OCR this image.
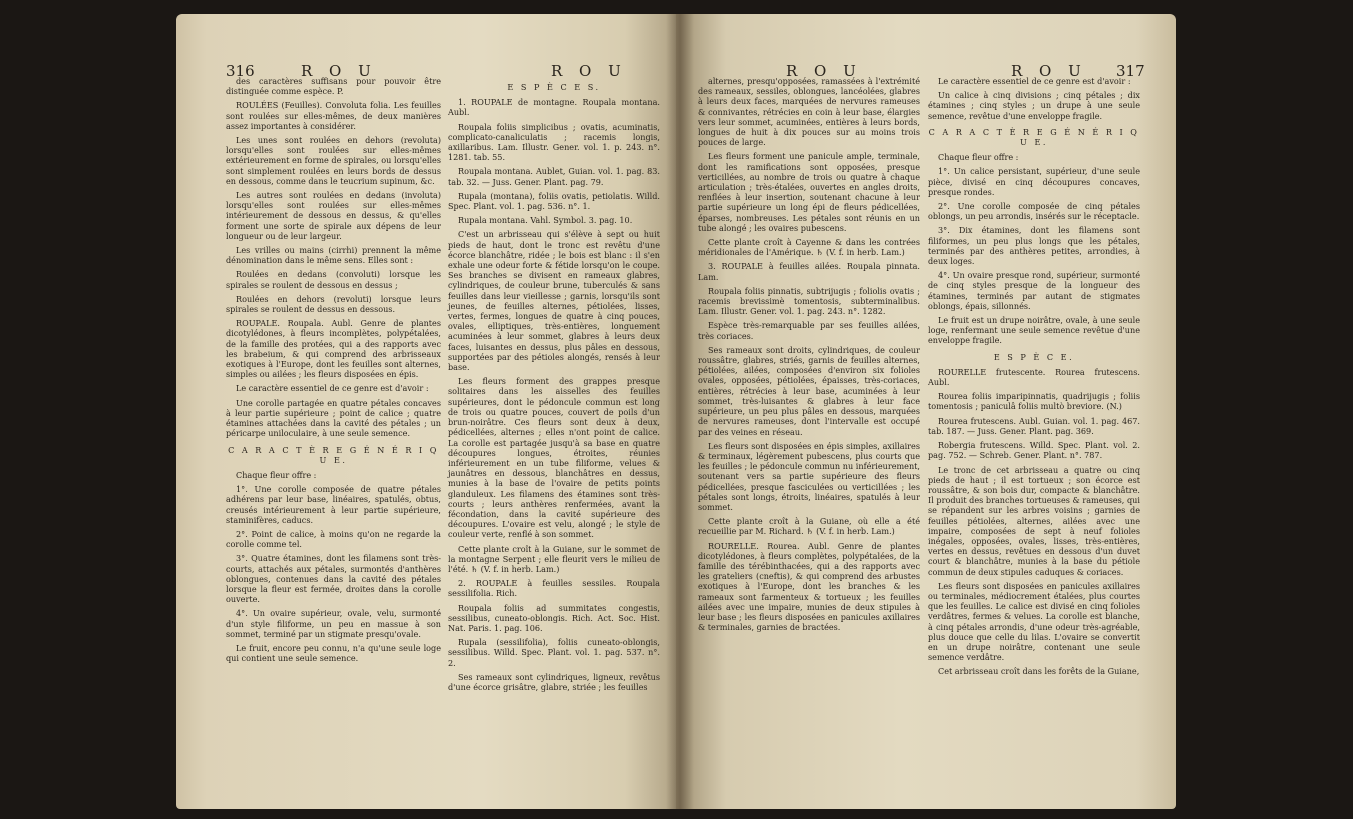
316	R O U	R O U

des caractères suffisans pour pouvoir être distinguée comme espèce. P.

ROULÉES (Feuilles). Convoluta folia. Les feuilles sont roulées sur elles-mêmes, de deux manières assez importantes à considérer.

Les unes sont roulées en dehors (revoluta) lorsqu'elles sont roulées sur elles-mêmes extérieurement en forme de spirales, ou lorsqu'elles sont simplement roulées en leurs bords de dessus en dessous, comme dans le teucrium supinum, &c.

Les autres sont roulées en dedans (involuta) lorsqu'elles sont roulées sur elles-mêmes intérieurement de dessous en dessus, & qu'elles forment une sorte de spirale aux dépens de leur longueur ou de leur largeur.

Les vrilles ou mains (cirrhi) prennent la même dénomination dans le même sens. Elles sont :

Roulées en dedans (convoluti) lorsque les spirales se roulent de dessous en dessus ;

Roulées en dehors (revoluti) lorsque leurs spirales se roulent de dessus en dessous.

ROUPALE. Roupala. Aubl. Genre de plantes dicotylédones, à fleurs incomplètes, polypétalées, de la famille des protées, qui a des rapports avec les brabeium, & qui comprend des arbrisseaux exotiques à l'Europe, dont les feuilles sont alternes, simples ou ailées ; les fleurs disposées en épis.

Le caractère essentiel de ce genre est d'avoir :

Une corolle partagée en quatre pétales concaves à leur partie supérieure ; point de calice ; quatre étamines attachées dans la cavité des pétales ; un péricarpe uniloculaire, à une seule semence.

C A R A C T È R E G É N É R I Q U E.

Chaque fleur offre :

1°. Une corolle composée de quatre pétales adhérens par leur base, linéaires, spatulés, obtus, creusés intérieurement à leur partie supérieure, staminifères, caducs.

2°. Point de calice, à moins qu'on ne regarde la corolle comme tel.

3°. Quatre étamines, dont les filamens sont très-courts, attachés aux pétales, surmontés d'anthères oblongues, contenues dans la cavité des pétales lorsque la fleur est fermée, droites dans la corolle ouverte.

4°. Un ovaire supérieur, ovale, velu, surmonté d'un style filiforme, un peu en massue à son sommet, terminé par un stigmate presqu'ovale.

Le fruit, encore peu connu, n'a qu'une seule loge qui contient une seule semence.

E S P È C E S.

1. ROUPALE de montagne. Roupala montana. Aubl.

Roupala foliis simplicibus ; ovatis, acuminatis, complicato-canaliculatis ; racemis longis, axillaribus. Lam. Illustr. Gener. vol. 1. p. 243. n°. 1281. tab. 55.

Roupala montana. Aublet, Guian. vol. 1. pag. 83. tab. 32. — Juss. Gener. Plant. pag. 79.

Rupala (montana), foliis ovatis, petiolatis. Willd. Spec. Plant. vol. 1. pag. 536. n°. 1.

Rupala montana. Vahl. Symbol. 3. pag. 10.

C'est un arbrisseau qui s'élève à sept ou huit pieds de haut, dont le tronc est revêtu d'une écorce blanchâtre, ridée ; le bois est blanc : il s'en exhale une odeur forte & fétide lorsqu'on le coupe. Ses branches se divisent en rameaux glabres, cylindriques, de couleur brune, tuberculés & sans feuilles dans leur vieillesse ; garnis, lorsqu'ils sont jeunes, de feuilles alternes, pétiolées, lisses, vertes, fermes, longues de quatre à cinq pouces, ovales, elliptiques, très-entières, longuement acuminées à leur sommet, glabres à leurs deux faces, luisantes en dessus, plus pâles en dessous, supportées par des pétioles alongés, rensés à leur base.

Les fleurs forment des grappes presque solitaires dans les aisselles des feuilles supérieures, dont le pédoncule commun est long de trois ou quatre pouces, couvert de poils d'un brun-noirâtre. Ces fleurs sont deux à deux, pédicellées, alternes ; elles n'ont point de calice. La corolle est partagée jusqu'à sa base en quatre découpures longues, étroites, réunies inférieurement en un tube filiforme, velues & jaunâtres en dessous, blanchâtres en dessus, munies à la base de l'ovaire de petits points glanduleux. Les filamens des étamines sont très-courts ; leurs anthères renfermées, avant la fécondation, dans la cavité supérieure des découpures. L'ovaire est velu, alongé ; le style de couleur verte, renflé à son sommet.

Cette plante croît à la Guiane, sur le sommet de la montagne Serpent ; elle fleurit vers le milieu de l'été. ♄ (V. f. in herb. Lam.)

2. ROUPALE à feuilles sessiles. Roupala sessilifolia. Rich.

Roupala foliis ad summitates congestis, sessilibus, cuneato-oblongis. Rich. Act. Soc. Hist. Nat. Paris. 1. pag. 106.

Rupala (sessilifolia), foliis cuneato-oblongis, sessilibus. Willd. Spec. Plant. vol. 1. pag. 537. n°. 2.

Ses rameaux sont cylindriques, ligneux, revêtus d'une écorce grisâtre, glabre, striée ; les feuilles

R O U	R O U 317

alternes, presqu'opposées, ramassées à l'extrémité des rameaux, sessiles, oblongues, lancéolées, glabres à leurs deux faces, marquées de nervures rameuses & connivantes, rétrécies en coin à leur base, élargies vers leur sommet, acuminées, entières à leurs bords, longues de huit à dix pouces sur au moins trois pouces de large.

Les fleurs forment une panicule ample, terminale, dont les ramifications sont opposées, presque verticillées, au nombre de trois ou quatre à chaque articulation ; très-étalées, ouvertes en angles droits, renflées à leur insertion, soutenant chacune à leur partie supérieure un long épi de fleurs pédicellées, éparses, nombreuses. Les pétales sont réunis en un tube alongé ; les ovaires pubescens.

Cette plante croît à Cayenne & dans les contrées méridionales de l'Amérique. ♄ (V. f. in herb. Lam.)

3. ROUPALE à feuilles ailées. Roupala pinnata. Lam.

Roupala foliis pinnatis, subtrijugis ; foliolis ovatis ; racemis brevissimè tomentosis, subterminalibus. Lam. Illustr. Gener. vol. 1. pag. 243. n°. 1282.

Espèce très-remarquable par ses feuilles ailées, très coriaces.

Ses rameaux sont droits, cylindriques, de couleur roussâtre, glabres, striés, garnis de feuilles alternes, pétiolées, ailées, composées d'environ six folioles ovales, opposées, pétiolées, épaisses, très-coriaces, entières, rétrécies à leur base, acuminées à leur sommet, très-luisantes & glabres à leur face supérieure, un peu plus pâles en dessous, marquées de nervures rameuses, dont l'intervalle est occupé par des veines en réseau.

Les fleurs sont disposées en épis simples, axillaires & terminaux, légèrement pubescens, plus courts que les feuilles ; le pédoncule commun nu inférieurement, soutenant vers sa partie supérieure des fleurs pédicellées, presque fasciculées ou verticillées ; les pétales sont longs, étroits, linéaires, spatulés à leur sommet.

Cette plante croît à la Guiane, où elle a été recueillie par M. Richard. ♄ (V. f. in herb. Lam.)

ROURELLE. Rourea. Aubl. Genre de plantes dicotylédones, à fleurs complètes, polypétalées, de la famille des térébinthacées, qui a des rapports avec les grateliers (cneftis), & qui comprend des arbustes exotiques à l'Europe, dont les branches & les rameaux sont farmenteux & tortueux ; les feuilles ailées avec une impaire, munies de deux stipules à leur base ; les fleurs disposées en panicules axillaires & terminales, garnies de bractées.

Le caractère essentiel de ce genre est d'avoir :

Un calice à cinq divisions ; cinq pétales ; dix étamines ; cinq styles ; un drupe à une seule semence, revêtue d'une enveloppe fragile.

C A R A C T È R E G É N É R I Q U E.

Chaque fleur offre :

1°. Un calice persistant, supérieur, d'une seule pièce, divisé en cinq découpures concaves, presque rondes.

2°. Une corolle composée de cinq pétales oblongs, un peu arrondis, insérés sur le réceptacle.

3°. Dix étamines, dont les filamens sont filiformes, un peu plus longs que les pétales, terminés par des anthères petites, arrondies, à deux loges.

4°. Un ovaire presque rond, supérieur, surmonté de cinq styles presque de la longueur des étamines, terminés par autant de stigmates oblongs, épais, sillonnés.

Le fruit est un drupe noirâtre, ovale, à une seule loge, renfermant une seule semence revêtue d'une enveloppe fragile.

E S P È C E.

ROURELLE frutescente. Rourea frutescens. Aubl.

Rourea foliis imparipinnatis, quadrijugis ; foliis tomentosis ; paniculâ foliis multò breviore. (N.)

Rourea frutescens. Aubl. Guian. vol. 1. pag. 467. tab. 187. — Juss. Gener. Plant. pag. 369.

Robergia frutescens. Willd. Spec. Plant. vol. 2. pag. 752. — Schreb. Gener. Plant. n°. 787.

Le tronc de cet arbrisseau a quatre ou cinq pieds de haut ; il est tortueux ; son écorce est roussâtre, & son bois dur, compacte & blanchâtre. Il produit des branches tortueuses & rameuses, qui se répandent sur les arbres voisins ; garnies de feuilles pétiolées, alternes, ailées avec une impaire, composées de sept à neuf folioles inégales, opposées, ovales, lisses, très-entières, vertes en dessus, revêtues en dessous d'un duvet court & blanchâtre, munies à la base du pétiole commun de deux stipules caduques & coriaces.

Les fleurs sont disposées en panicules axillaires ou terminales, médiocrement étalées, plus courtes que les feuilles. Le calice est divisé en cinq folioles verdâtres, fermes & velues. La corolle est blanche, à cinq pétales arrondis, d'une odeur très-agréable, plus douce que celle du lilas. L'ovaire se convertit en un drupe noirâtre, contenant une seule semence verdâtre.

Cet arbrisseau croît dans les forêts de la Guiane,
